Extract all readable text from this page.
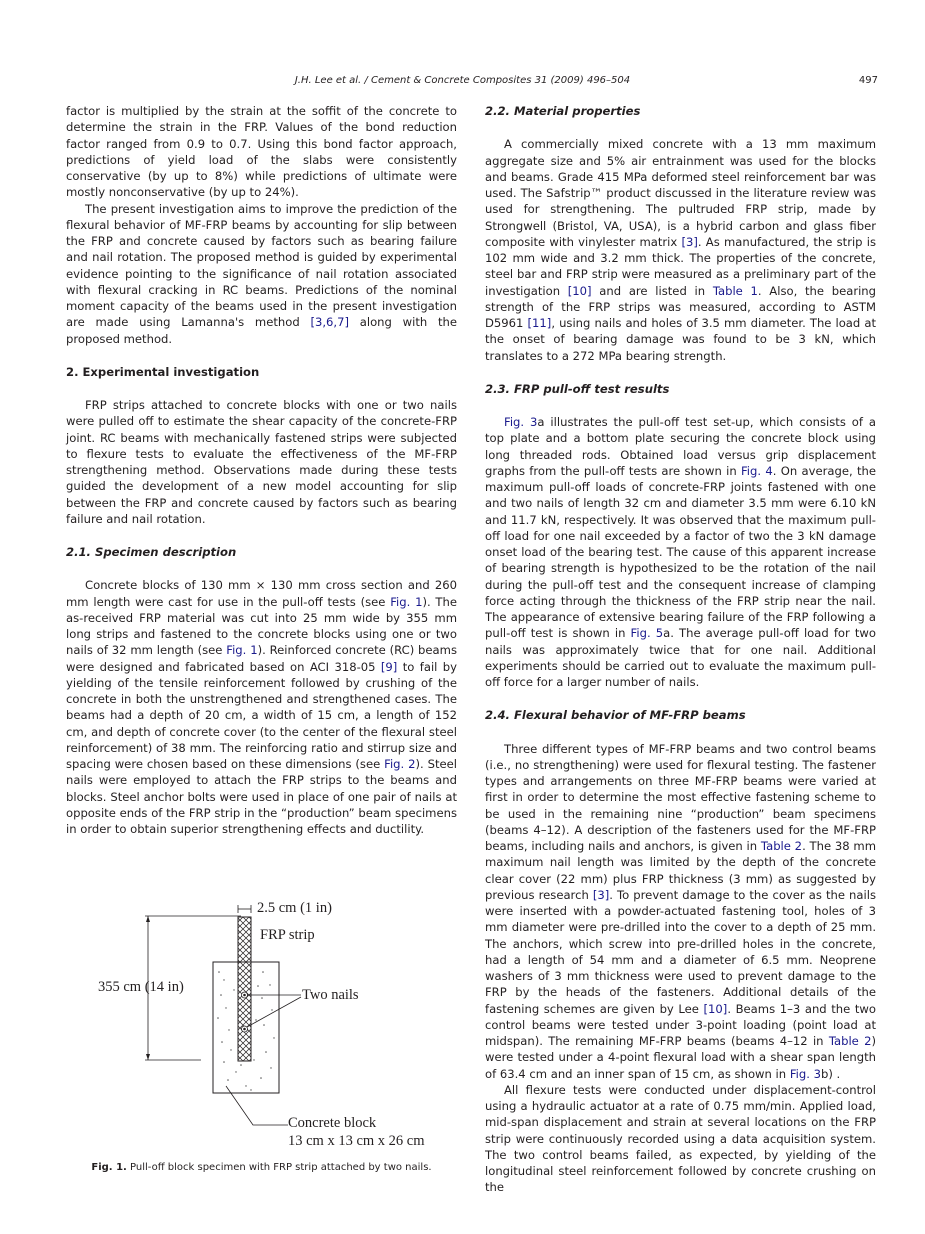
J.H. Lee et al. / Cement & Concrete Composites 31 (2009) 496–504	497

factor is multiplied by the strain at the soffit of the concrete to determine the strain in the FRP. Values of the bond reduction factor ranged from 0.9 to 0.7. Using this bond factor approach, predictions of yield load of the slabs were consistently conservative (by up to 8%) while predictions of ultimate were mostly nonconservative (by up to 24%).

The present investigation aims to improve the prediction of the flexural behavior of MF-FRP beams by accounting for slip between the FRP and concrete caused by factors such as bearing failure and nail rotation. The proposed method is guided by experimental evidence pointing to the significance of nail rotation associated with flexural cracking in RC beams. Predictions of the nominal moment capacity of the beams used in the present investigation are made using Lamanna's method [3,6,7] along with the proposed method.

2. Experimental investigation

FRP strips attached to concrete blocks with one or two nails were pulled off to estimate the shear capacity of the concrete-FRP joint. RC beams with mechanically fastened strips were subjected to flexure tests to evaluate the effectiveness of the MF-FRP strengthening method. Observations made during these tests guided the development of a new model accounting for slip between the FRP and concrete caused by factors such as bearing failure and nail rotation.

2.1. Specimen description

Concrete blocks of 130 mm × 130 mm cross section and 260 mm length were cast for use in the pull-off tests (see Fig. 1). The as-received FRP material was cut into 25 mm wide by 355 mm long strips and fastened to the concrete blocks using one or two nails of 32 mm length (see Fig. 1). Reinforced concrete (RC) beams were designed and fabricated based on ACI 318-05 [9] to fail by yielding of the tensile reinforcement followed by crushing of the concrete in both the unstrengthened and strengthened cases. The beams had a depth of 20 cm, a width of 15 cm, a length of 152 cm, and depth of concrete cover (to the center of the flexural steel reinforcement) of 38 mm. The reinforcing ratio and stirrup size and spacing were chosen based on these dimensions (see Fig. 2). Steel nails were employed to attach the FRP strips to the beams and blocks. Steel anchor bolts were used in place of one pair of nails at opposite ends of the FRP strip in the “production” beam specimens in order to obtain superior strengthening effects and ductility.

2.5 cm (1 in)
FRP strip
355 cm (14 in)	Two nails
Concrete block
13 cm x 13 cm x 26 cm
Fig. 1. Pull-off block specimen with FRP strip attached by two nails.
2.2. Material properties

A commercially mixed concrete with a 13 mm maximum aggregate size and 5% air entrainment was used for the blocks and beams. Grade 415 MPa deformed steel reinforcement bar was used. The Safstrip™ product discussed in the literature review was used for strengthening. The pultruded FRP strip, made by Strongwell (Bristol, VA, USA), is a hybrid carbon and glass fiber composite with vinylester matrix [3]. As manufactured, the strip is 102 mm wide and 3.2 mm thick. The properties of the concrete, steel bar and FRP strip were measured as a preliminary part of the investigation [10] and are listed in Table 1. Also, the bearing strength of the FRP strips was measured, according to ASTM D5961 [11], using nails and holes of 3.5 mm diameter. The load at the onset of bearing damage was found to be 3 kN, which translates to a 272 MPa bearing strength.

2.3. FRP pull-off test results

Fig. 3a illustrates the pull-off test set-up, which consists of a top plate and a bottom plate securing the concrete block using long threaded rods. Obtained load versus grip displacement graphs from the pull-off tests are shown in Fig. 4. On average, the maximum pull-off loads of concrete-FRP joints fastened with one and two nails of length 32 cm and diameter 3.5 mm were 6.10 kN and 11.7 kN, respectively. It was observed that the maximum pull-off load for one nail exceeded by a factor of two the 3 kN damage onset load of the bearing test. The cause of this apparent increase of bearing strength is hypothesized to be the rotation of the nail during the pull-off test and the consequent increase of clamping force acting through the thickness of the FRP strip near the nail. The appearance of extensive bearing failure of the FRP following a pull-off test is shown in Fig. 5a. The average pull-off load for two nails was approximately twice that for one nail. Additional experiments should be carried out to evaluate the maximum pull-off force for a larger number of nails.

2.4. Flexural behavior of MF-FRP beams

Three different types of MF-FRP beams and two control beams (i.e., no strengthening) were used for flexural testing. The fastener types and arrangements on three MF-FRP beams were varied at first in order to determine the most effective fastening scheme to be used in the remaining nine “production” beam specimens (beams 4–12). A description of the fasteners used for the MF-FRP beams, including nails and anchors, is given in Table 2. The 38 mm maximum nail length was limited by the depth of the concrete clear cover (22 mm) plus FRP thickness (3 mm) as suggested by previous research [3]. To prevent damage to the cover as the nails were inserted with a powder-actuated fastening tool, holes of 3 mm diameter were pre-drilled into the cover to a depth of 25 mm. The anchors, which screw into pre-drilled holes in the concrete, had a length of 54 mm and a diameter of 6.5 mm. Neoprene washers of 3 mm thickness were used to prevent damage to the FRP by the heads of the fasteners. Additional details of the fastening schemes are given by Lee [10]. Beams 1–3 and the two control beams were tested under 3-point loading (point load at midspan). The remaining MF-FRP beams (beams 4–12 in Table 2) were tested under a 4-point flexural load with a shear span length of 63.4 cm and an inner span of 15 cm, as shown in Fig. 3b) .

All flexure tests were conducted under displacement-control using a hydraulic actuator at a rate of 0.75 mm/min. Applied load, mid-span displacement and strain at several locations on the FRP strip were continuously recorded using a data acquisition system. The two control beams failed, as expected, by yielding of the longitudinal steel reinforcement followed by concrete crushing on the
